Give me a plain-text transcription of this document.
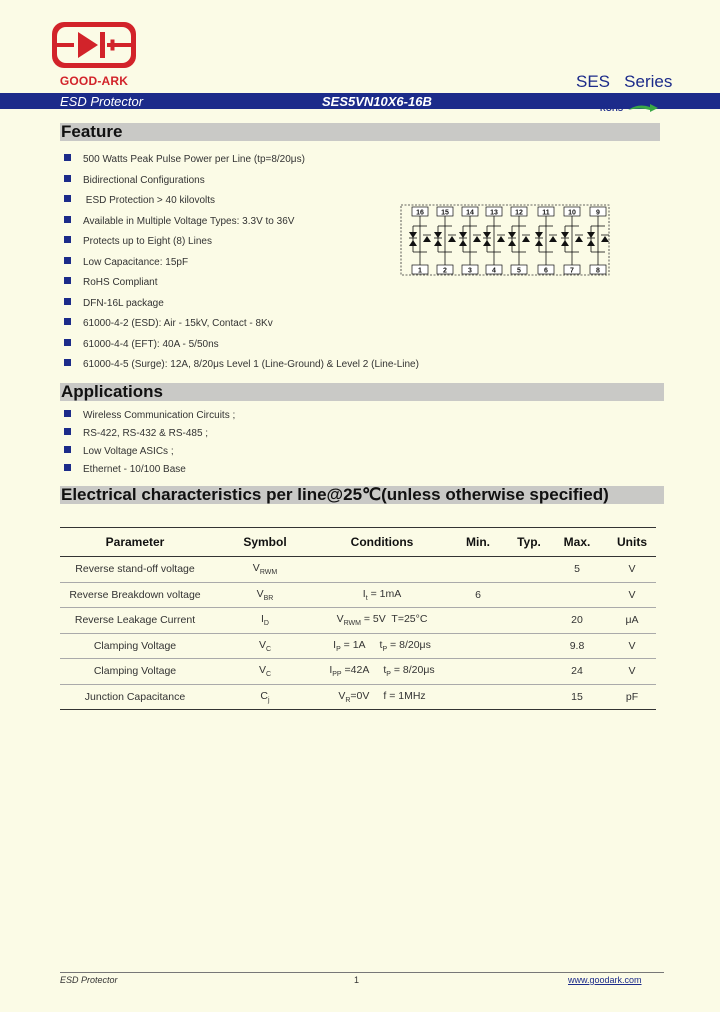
GOOD-ARK	SES   Series
ESD Protector	SES5VN10X6-16B	ROHS
Feature
500 Watts Peak Pulse Power per Line (tp=8/20μs)
Bidirectional Configurations
ESD Protection > 40 kilovolts
Available in Multiple Voltage Types: 3.3V to 36V
Protects up to Eight (8) Lines
Low Capacitance: 15pF
RoHS Compliant
DFN-16L package
61000-4-2 (ESD): Air - 15kV, Contact - 8Kv
61000-4-4 (EFT): 40A - 5/50ns
61000-4-5 (Surge): 12A, 8/20μs Level 1 (Line-Ground) & Level 2 (Line-Line)
16
1
15
2
14
3
13
4
12
5
11
6
10
7
9
8
Applications
Wireless Communication Circuits ;
RS-422, RS-432 & RS-485 ;
Low Voltage ASICs ;
Ethernet - 10/100 Base
Electrical characteristics per line@25℃(unless otherwise specified)
Parameter	Symbol	Conditions	Min.	Typ.	Max.	Units
Reverse stand-off voltage	$V_{RWM}$				5	V
Reverse Breakdown voltage	$V_{BR}$	$I_t = 1mA$	6			V
Reverse Leakage Current	$I_D$	$V_{RWM} = 5V$  T=25°C			20	μA
Clamping Voltage	$V_C$	$I_P = 1A$ $t_P = 8/20\mu s$			9.8	V
Clamping Voltage	$V_C$	$I_{PP} =42A$ $t_P = 8/20\mu s$			24	V
Junction Capacitance	$C_j$	$V_R=0V$ f = 1MHz			15	pF
ESD Protector	1	www.goodark.com
